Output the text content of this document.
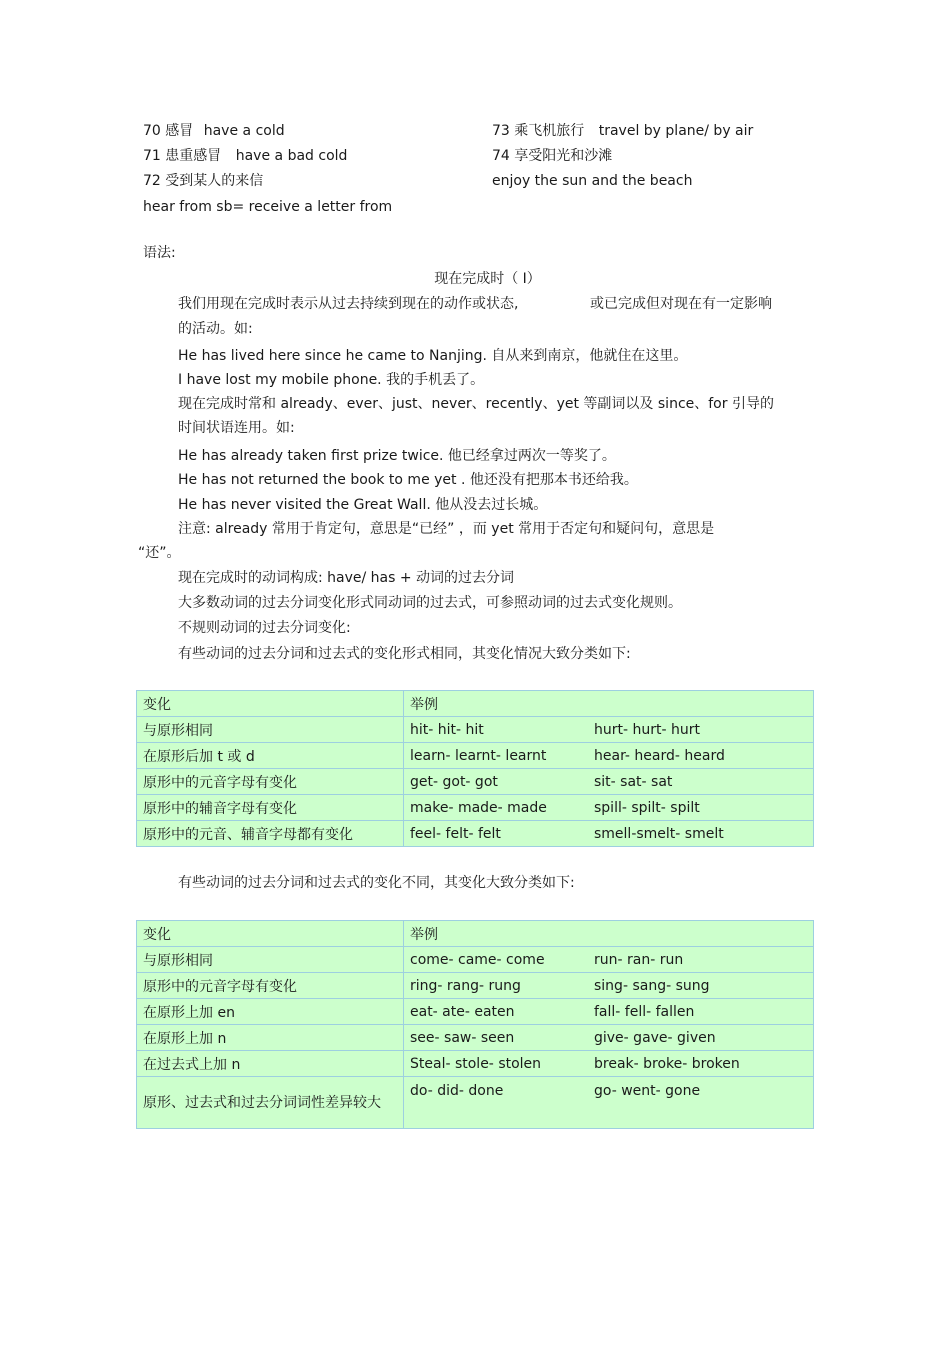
70 感冒 have a cold
71 患重感冒 have a bad cold
72 受到某人的来信
hear from sb= receive a letter from
73 乘飞机旅行 travel by plane/ by air
74 享受阳光和沙滩
enjoy the sun and the beach
语法:
现在完成时（ I）
我们用现在完成时表示从过去持续到现在的动作或状态,	或已完成但对现在有一定影响
的活动。如:
He has lived here since he came to Nanjing. 自从来到南京，他就住在这里。
I have lost my mobile phone. 我的手机丢了。
现在完成时常和 already、ever、just、never、recently、yet 等副词以及 since、for 引导的
时间状语连用。如:
He has already taken first prize twice. 他已经拿过两次一等奖了。
He has not returned the book to me yet . 他还没有把那本书还给我。
He has never visited the Great Wall. 他从没去过长城。
注意: already 常用于肯定句，意思是“已经” ，而 yet 常用于否定句和疑问句，意思是
“还”。
现在完成时的动词构成: have/ has + 动词的过去分词
大多数动词的过去分词变化形式同动词的过去式，可参照动词的过去式变化规则。
不规则动词的过去分词变化:
有些动词的过去分词和过去式的变化形式相同，其变化情况大致分类如下:
变化	举例
与原形相同	hit- hit- hit hurt- hurt- hurt
在原形后加 t 或 d	learn- learnt- learnt hear- heard- heard
原形中的元音字母有变化	get- got- got sit- sat- sat
原形中的辅音字母有变化	make- made- made spill- spilt- spilt
原形中的元音、辅音字母都有变化	feel- felt- felt smell-smelt- smelt
有些动词的过去分词和过去式的变化不同，其变化大致分类如下:
变化	举例
与原形相同	come- came- come run- ran- run
原形中的元音字母有变化	ring- rang- rung sing- sang- sung
在原形上加 en	eat- ate- eaten fall- fell- fallen
在原形上加 n	see- saw- seen give- gave- given
在过去式上加 n	Steal- stole- stolen break- broke- broken
原形、过去式和过去分词词性差异较大	do- did- done go- went- gone
